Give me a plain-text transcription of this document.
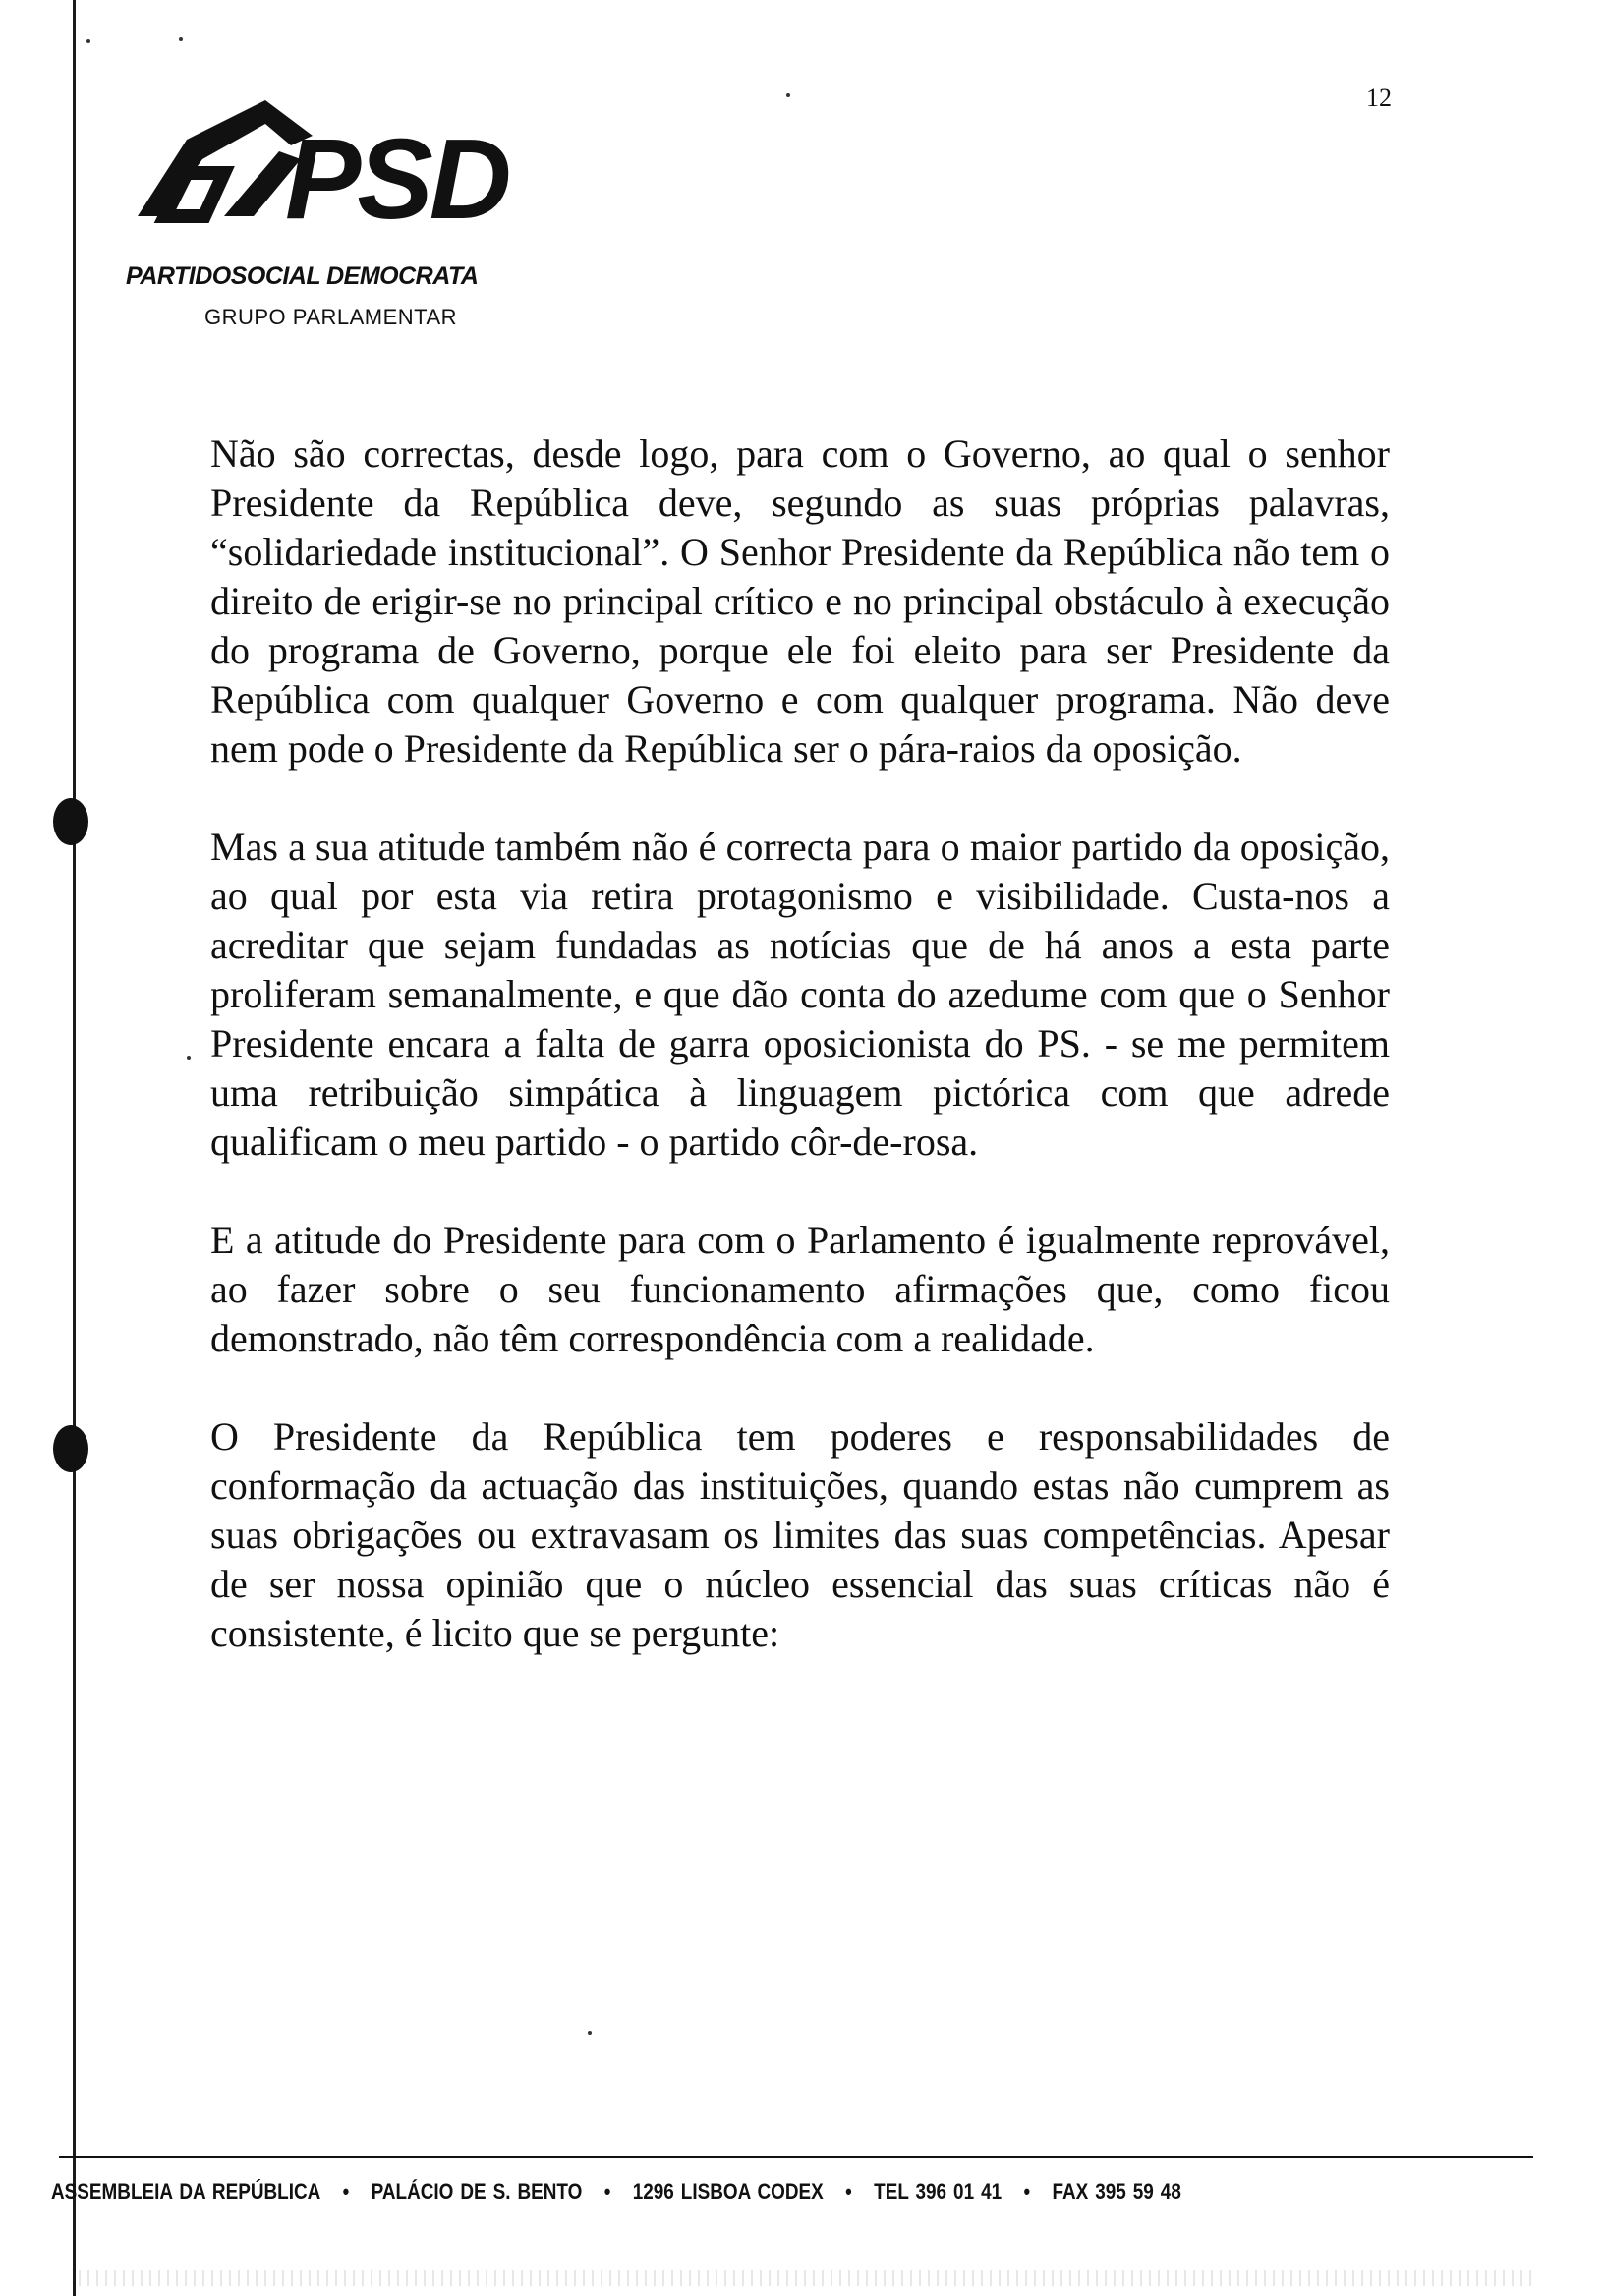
12
PSD
PARTIDOSOCIAL DEMOCRATA
GRUPO PARLAMENTAR

Não são correctas, desde logo, para com o Governo, ao qual o senhor Presidente da República deve, segundo as suas próprias palavras, “solidariedade institucional”. O Senhor Presidente da República não tem o direito de erigir-se no principal crítico e no principal obstáculo à execução do programa de Governo, porque ele foi eleito para ser Presidente da República com qualquer Governo e com qualquer programa. Não deve nem pode o Presidente da República ser o pára-raios da oposição.

Mas a sua atitude também não é correcta para o maior partido da oposição, ao qual por esta via retira protagonismo e visibilidade. Custa-nos a acreditar que sejam fundadas as notícias que de há anos a esta parte proliferam semanalmente, e que dão conta do azedume com que o Senhor Presidente encara a falta de garra oposicionista do PS. - se me permitem uma retribuição simpática à linguagem pictórica com que adrede qualificam o meu partido - o partido côr-de-rosa.

E a atitude do Presidente para com o Parlamento é igualmente reprovável, ao fazer sobre o seu funcionamento afirmações que, como ficou demonstrado, não têm correspondência com a realidade.

O Presidente da República tem poderes e responsabilidades de conformação da actuação das instituições, quando estas não cumprem as suas obrigações ou extravasam os limites das suas competências. Apesar de ser nossa opinião que o núcleo essencial das suas críticas não é consistente, é licito que se pergunte:

ASSEMBLEIA DA REPÚBLICA • PALÁCIO DE S. BENTO • 1296 LISBOA CODEX • TEL 396 01 41 • FAX 395 59 48
